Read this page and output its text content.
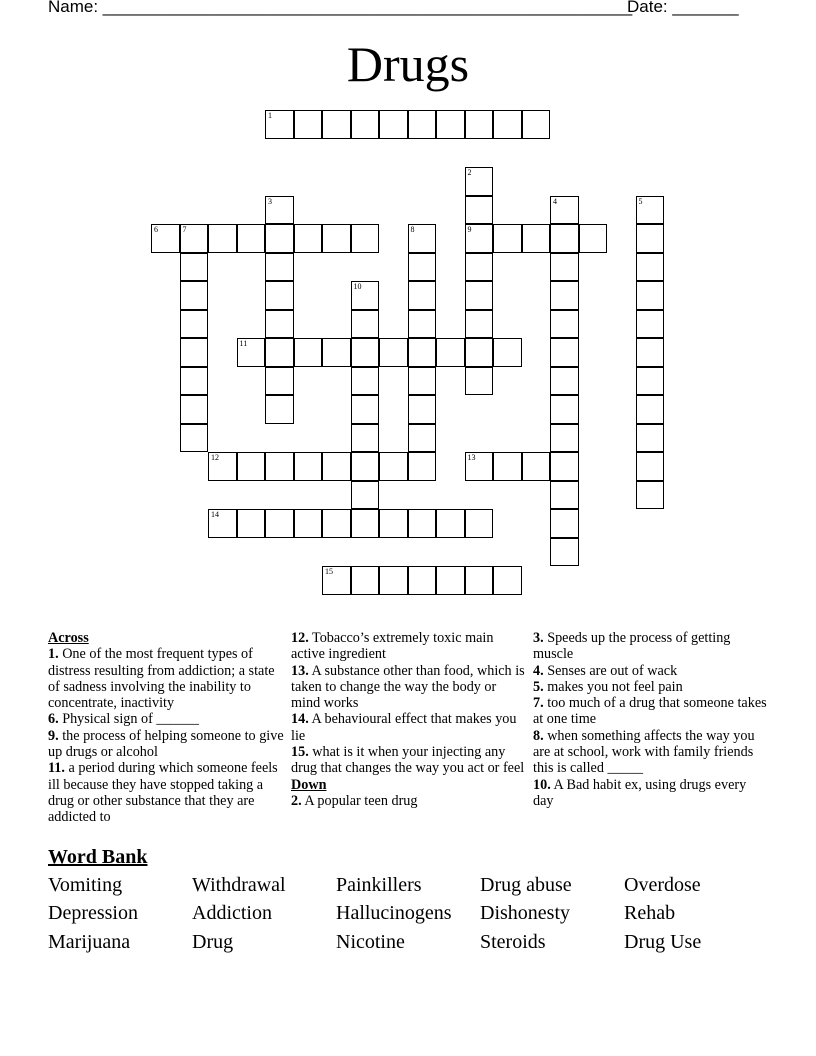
Name: ________________________________________________________
Date: _______
Drugs
1
2
9
3	4	5
6	7	8
10
11
12	13
14
15
Across
1. One of the most frequent types of distress resulting from addiction; a state of sadness involving the inability to concentrate, inactivity
6. Physical sign of ______
9. the process of helping someone to give up drugs or alcohol
11. a period during which someone feels ill because they have stopped taking a drug or other substance that they are addicted to
12. Tobacco’s extremely toxic main active ingredient
13. A substance other than food, which is taken to change the way the body or mind works
14. A behavioural effect that makes you lie
15. what is it when your injecting any drug that changes the way you act or feel
Down
2. A popular teen drug
3. Speeds up the process of getting muscle
4. Senses are out of wack
5. makes you not feel pain
7. too much of a drug that someone takes at one time
8. when something affects the way you are at school, work with family friends this is called _____
10. A Bad habit ex, using drugs every day
Word Bank
Vomiting	Withdrawal	Painkillers	Drug abuse	Overdose
Depression	Addiction	Hallucinogens Dishonesty	Rehab
Marijuana	Drug	Nicotine	Steroids	Drug Use
